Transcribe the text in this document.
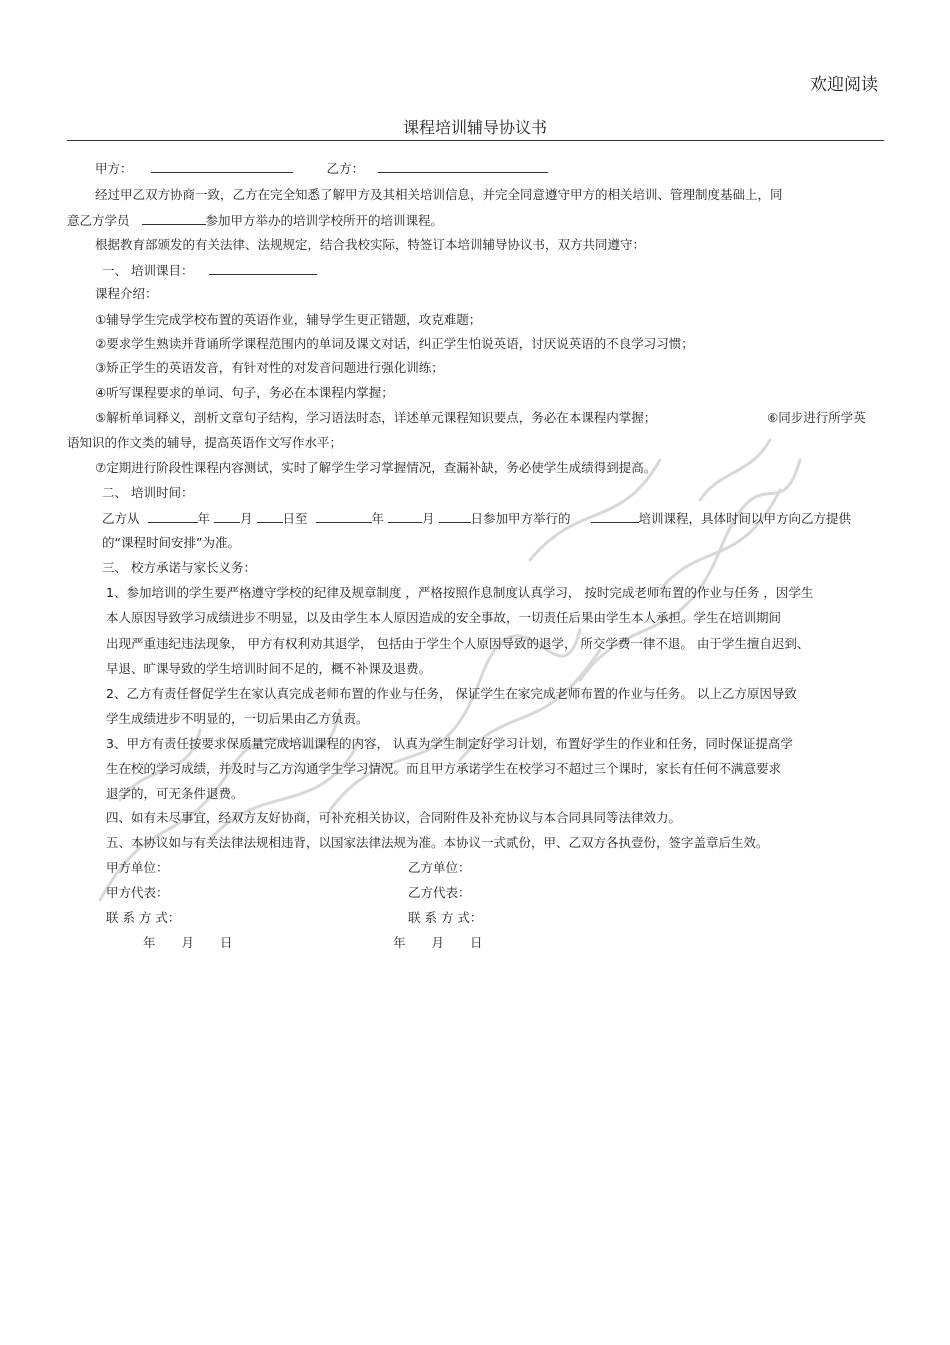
欢迎阅读
课程培训辅导协议书
甲方：	乙方：
经过甲乙双方协商一致，乙方在完全知悉了解甲方及其相关培训信息，并完全同意遵守甲方的相关培训、管理制度基础上，同
意乙方学员	参加甲方举办的培训学校所开的培训课程。
根据教育部颁发的有关法律、法规规定，结合我校实际，特签订本培训辅导协议书，双方共同遵守：
一、 培训课目：
课程介绍：
①辅导学生完成学校布置的英语作业，辅导学生更正错题，攻克难题；
②要求学生熟读并背诵所学课程范围内的单词及课文对话，纠正学生怕说英语，讨厌说英语的不良学习习惯；
③矫正学生的英语发音，有针对性的对发音问题进行强化训练；
④听写课程要求的单词、句子，务必在本课程内掌握；
⑤解析单词释义，剖析文章句子结构，学习语法时态，详述单元课程知识要点，务必在本课程内掌握；	⑥同步进行所学英
语知识的作文类的辅导，提高英语作文写作水平；
⑦定期进行阶段性课程内容测试，实时了解学生学习掌握情况，查漏补缺，务必使学生成绩得到提高。
二、 培训时间：
乙方从	年 月 日至	年	月	日参加甲方举行的	培训课程，具体时间以甲方向乙方提供
的“课程时间安排”为准。
三、 校方承诺与家长义务：
1、参加培训的学生要严格遵守学校的纪律及规章制度 ，严格按照作息制度认真学习， 按时完成老师布置的作业与任务 ，因学生
本人原因导致学习成绩进步不明显，以及由学生本人原因造成的安全事故，一切责任后果由学生本人承担。学生在培训期间
出现严重违纪违法现象， 甲方有权利劝其退学， 包括由于学生个人原因导致的退学， 所交学费一律不退。 由于学生擅自迟到、
早退、旷课导致的学生培训时间不足的，概不补课及退费。
2、乙方有责任督促学生在家认真完成老师布置的作业与任务， 保证学生在家完成老师布置的作业与任务。 以上乙方原因导致
学生成绩进步不明显的，一切后果由乙方负责。
3、甲方有责任按要求保质量完成培训课程的内容， 认真为学生制定好学习计划，布置好学生的作业和任务，同时保证提高学
生在校的学习成绩，并及时与乙方沟通学生学习情况。而且甲方承诺学生在校学习不超过三个课时，家长有任何不满意要求
退学的，可无条件退费。
四、如有未尽事宜，经双方友好协商，可补充相关协议，合同附件及补充协议与本合同具同等法律效力。
五、本协议如与有关法律法规相违背，以国家法律法规为准。本协议一式贰份，甲、乙双方各执壹份，签字盖章后生效。
甲方单位：	乙方单位：
甲方代表：	乙方代表：
联 系 方 式：	联 系 方 式：
年 月 日	年 月 日
